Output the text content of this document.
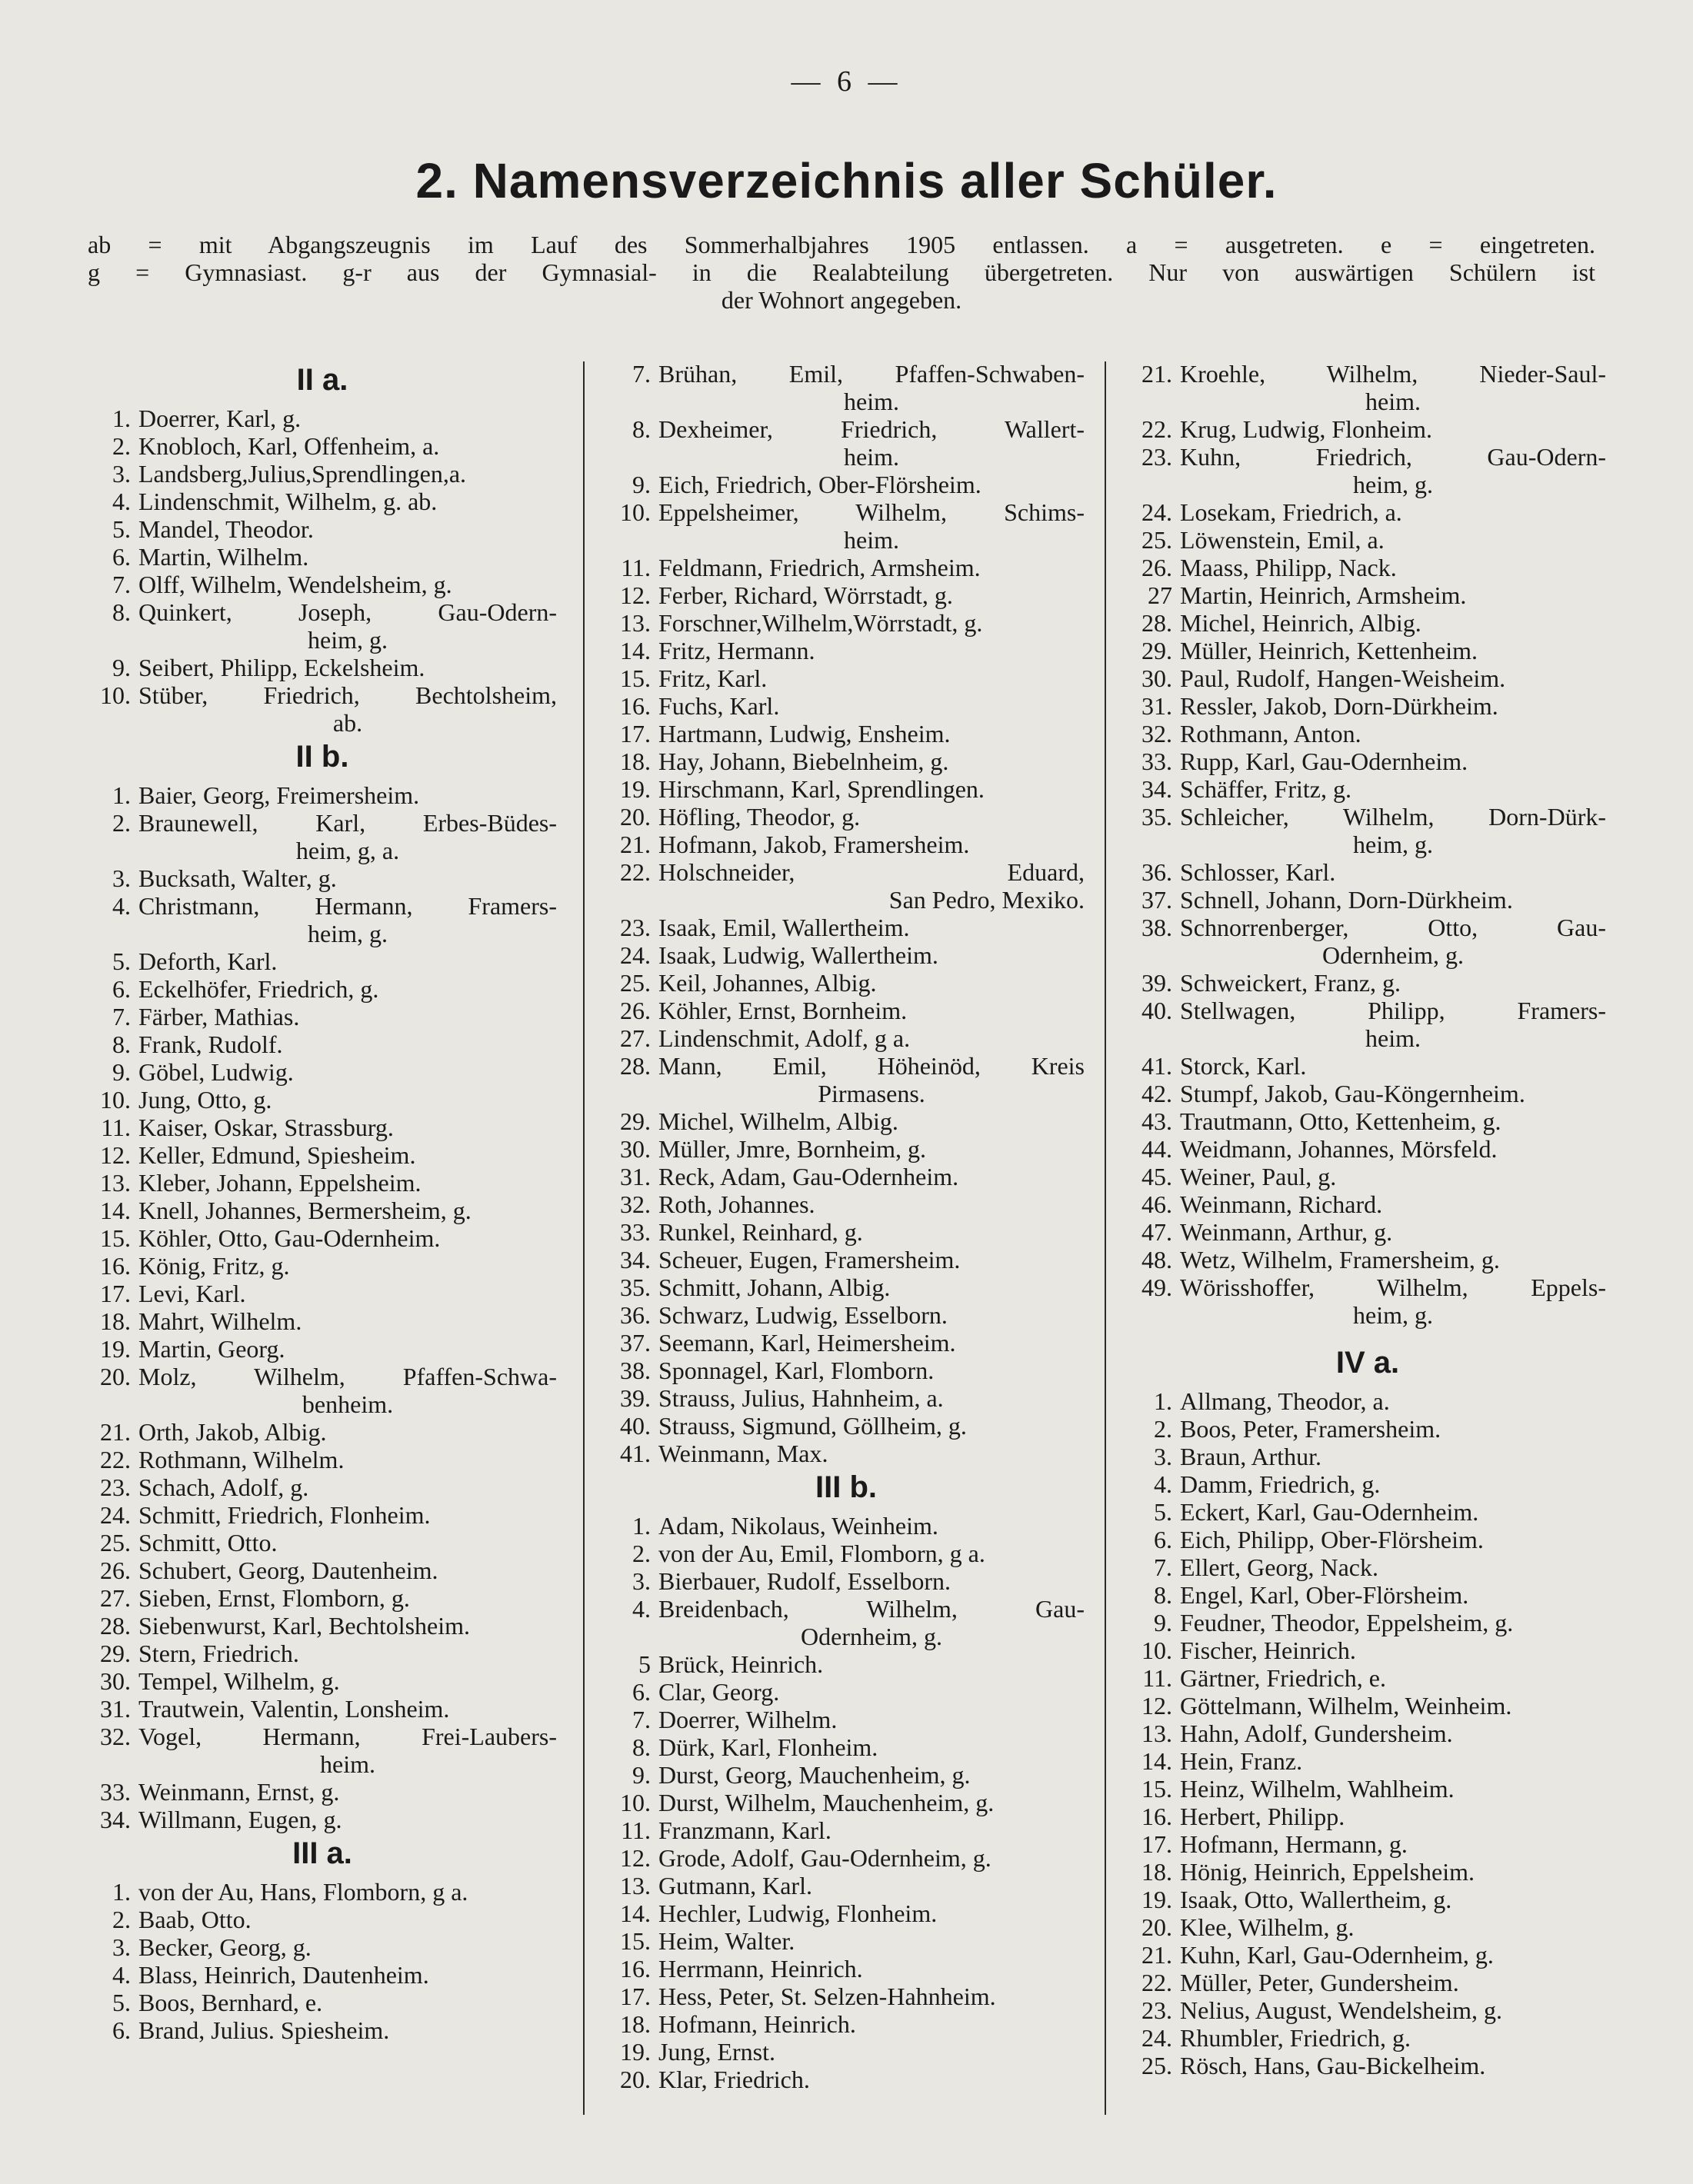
— 6 —
2. Namensverzeichnis aller Schüler.
ab = mit Abgangszeugnis im Lauf des Sommerhalbjahres 1905 entlassen. a = ausgetreten. e = eingetreten.
g = Gymnasiast. g-r aus der Gymnasial- in die Realabteilung übergetreten. Nur von auswärtigen Schülern ist
der Wohnort angegeben.
II a.
1. Doerrer, Karl, g.
2. Knobloch, Karl, Offenheim, a.
3. Landsberg,Julius,Sprendlingen,a.
4. Lindenschmit, Wilhelm, g. ab.
5. Mandel, Theodor.
6. Martin, Wilhelm.
7. Olff, Wilhelm, Wendelsheim, g.
8. Quinkert, Joseph, Gau-Odern-
heim, g.
9. Seibert, Philipp, Eckelsheim.
10. Stüber, Friedrich, Bechtolsheim,
ab.
II b.
1. Baier, Georg, Freimersheim.
2. Braunewell, Karl, Erbes-Büdes-
heim, g, a.
3. Bucksath, Walter, g.
4. Christmann, Hermann, Framers-
heim, g.
5. Deforth, Karl.
6. Eckelhöfer, Friedrich, g.
7. Färber, Mathias.
8. Frank, Rudolf.
9. Göbel, Ludwig.
10. Jung, Otto, g.
11. Kaiser, Oskar, Strassburg.
12. Keller, Edmund, Spiesheim.
13. Kleber, Johann, Eppelsheim.
14. Knell, Johannes, Bermersheim, g.
15. Köhler, Otto, Gau-Odernheim.
16. König, Fritz, g.
17. Levi, Karl.
18. Mahrt, Wilhelm.
19. Martin, Georg.
20. Molz, Wilhelm, Pfaffen-Schwa-
benheim.
21. Orth, Jakob, Albig.
22. Rothmann, Wilhelm.
23. Schach, Adolf, g.
24. Schmitt, Friedrich, Flonheim.
25. Schmitt, Otto.
26. Schubert, Georg, Dautenheim.
27. Sieben, Ernst, Flomborn, g.
28. Siebenwurst, Karl, Bechtolsheim.
29. Stern, Friedrich.
30. Tempel, Wilhelm, g.
31. Trautwein, Valentin, Lonsheim.
32. Vogel, Hermann, Frei-Laubers-
heim.
33. Weinmann, Ernst, g.
34. Willmann, Eugen, g.
III a.
1. von der Au, Hans, Flomborn, g a.
2. Baab, Otto.
3. Becker, Georg, g.
4. Blass, Heinrich, Dautenheim.
5. Boos, Bernhard, e.
6. Brand, Julius. Spiesheim.
7. Brühan, Emil, Pfaffen-Schwaben-
heim.
8. Dexheimer, Friedrich, Wallert-
heim.
9. Eich, Friedrich, Ober-Flörsheim.
10. Eppelsheimer, Wilhelm, Schims-
heim.
11. Feldmann, Friedrich, Armsheim.
12. Ferber, Richard, Wörrstadt, g.
13. Forschner,Wilhelm,Wörrstadt, g.
14. Fritz, Hermann.
15. Fritz, Karl.
16. Fuchs, Karl.
17. Hartmann, Ludwig, Ensheim.
18. Hay, Johann, Biebelnheim, g.
19. Hirschmann, Karl, Sprendlingen.
20. Höfling, Theodor, g.
21. Hofmann, Jakob, Framersheim.
22. Holschneider, Eduard,
San Pedro, Mexiko.
23. Isaak, Emil, Wallertheim.
24. Isaak, Ludwig, Wallertheim.
25. Keil, Johannes, Albig.
26. Köhler, Ernst, Bornheim.
27. Lindenschmit, Adolf, g a.
28. Mann, Emil, Höheinöd, Kreis
Pirmasens.
29. Michel, Wilhelm, Albig.
30. Müller, Jmre, Bornheim, g.
31. Reck, Adam, Gau-Odernheim.
32. Roth, Johannes.
33. Runkel, Reinhard, g.
34. Scheuer, Eugen, Framersheim.
35. Schmitt, Johann, Albig.
36. Schwarz, Ludwig, Esselborn.
37. Seemann, Karl, Heimersheim.
38. Sponnagel, Karl, Flomborn.
39. Strauss, Julius, Hahnheim, a.
40. Strauss, Sigmund, Göllheim, g.
41. Weinmann, Max.
III b.
1. Adam, Nikolaus, Weinheim.
2. von der Au, Emil, Flomborn, g a.
3. Bierbauer, Rudolf, Esselborn.
4. Breidenbach, Wilhelm, Gau-
Odernheim, g.
5 Brück, Heinrich.
6. Clar, Georg.
7. Doerrer, Wilhelm.
8. Dürk, Karl, Flonheim.
9. Durst, Georg, Mauchenheim, g.
10. Durst, Wilhelm, Mauchenheim, g.
11. Franzmann, Karl.
12. Grode, Adolf, Gau-Odernheim, g.
13. Gutmann, Karl.
14. Hechler, Ludwig, Flonheim.
15. Heim, Walter.
16. Herrmann, Heinrich.
17. Hess, Peter, St. Selzen-Hahnheim.
18. Hofmann, Heinrich.
19. Jung, Ernst.
20. Klar, Friedrich.
21. Kroehle, Wilhelm, Nieder-Saul-
heim.
22. Krug, Ludwig, Flonheim.
23. Kuhn, Friedrich, Gau-Odern-
heim, g.
24. Losekam, Friedrich, a.
25. Löwenstein, Emil, a.
26. Maass, Philipp, Nack.
27 Martin, Heinrich, Armsheim.
28. Michel, Heinrich, Albig.
29. Müller, Heinrich, Kettenheim.
30. Paul, Rudolf, Hangen-Weisheim.
31. Ressler, Jakob, Dorn-Dürkheim.
32. Rothmann, Anton.
33. Rupp, Karl, Gau-Odernheim.
34. Schäffer, Fritz, g.
35. Schleicher, Wilhelm, Dorn-Dürk-
heim, g.
36. Schlosser, Karl.
37. Schnell, Johann, Dorn-Dürkheim.
38. Schnorrenberger, Otto, Gau-
Odernheim, g.
39. Schweickert, Franz, g.
40. Stellwagen, Philipp, Framers-
heim.
41. Storck, Karl.
42. Stumpf, Jakob, Gau-Köngernheim.
43. Trautmann, Otto, Kettenheim, g.
44. Weidmann, Johannes, Mörsfeld.
45. Weiner, Paul, g.
46. Weinmann, Richard.
47. Weinmann, Arthur, g.
48. Wetz, Wilhelm, Framersheim, g.
49. Wörisshoffer, Wilhelm, Eppels-
heim, g.
IV a.
1. Allmang, Theodor, a.
2. Boos, Peter, Framersheim.
3. Braun, Arthur.
4. Damm, Friedrich, g.
5. Eckert, Karl, Gau-Odernheim.
6. Eich, Philipp, Ober-Flörsheim.
7. Ellert, Georg, Nack.
8. Engel, Karl, Ober-Flörsheim.
9. Feudner, Theodor, Eppelsheim, g.
10. Fischer, Heinrich.
11. Gärtner, Friedrich, e.
12. Göttelmann, Wilhelm, Weinheim.
13. Hahn, Adolf, Gundersheim.
14. Hein, Franz.
15. Heinz, Wilhelm, Wahlheim.
16. Herbert, Philipp.
17. Hofmann, Hermann, g.
18. Hönig, Heinrich, Eppelsheim.
19. Isaak, Otto, Wallertheim, g.
20. Klee, Wilhelm, g.
21. Kuhn, Karl, Gau-Odernheim, g.
22. Müller, Peter, Gundersheim.
23. Nelius, August, Wendelsheim, g.
24. Rhumbler, Friedrich, g.
25. Rösch, Hans, Gau-Bickelheim.
